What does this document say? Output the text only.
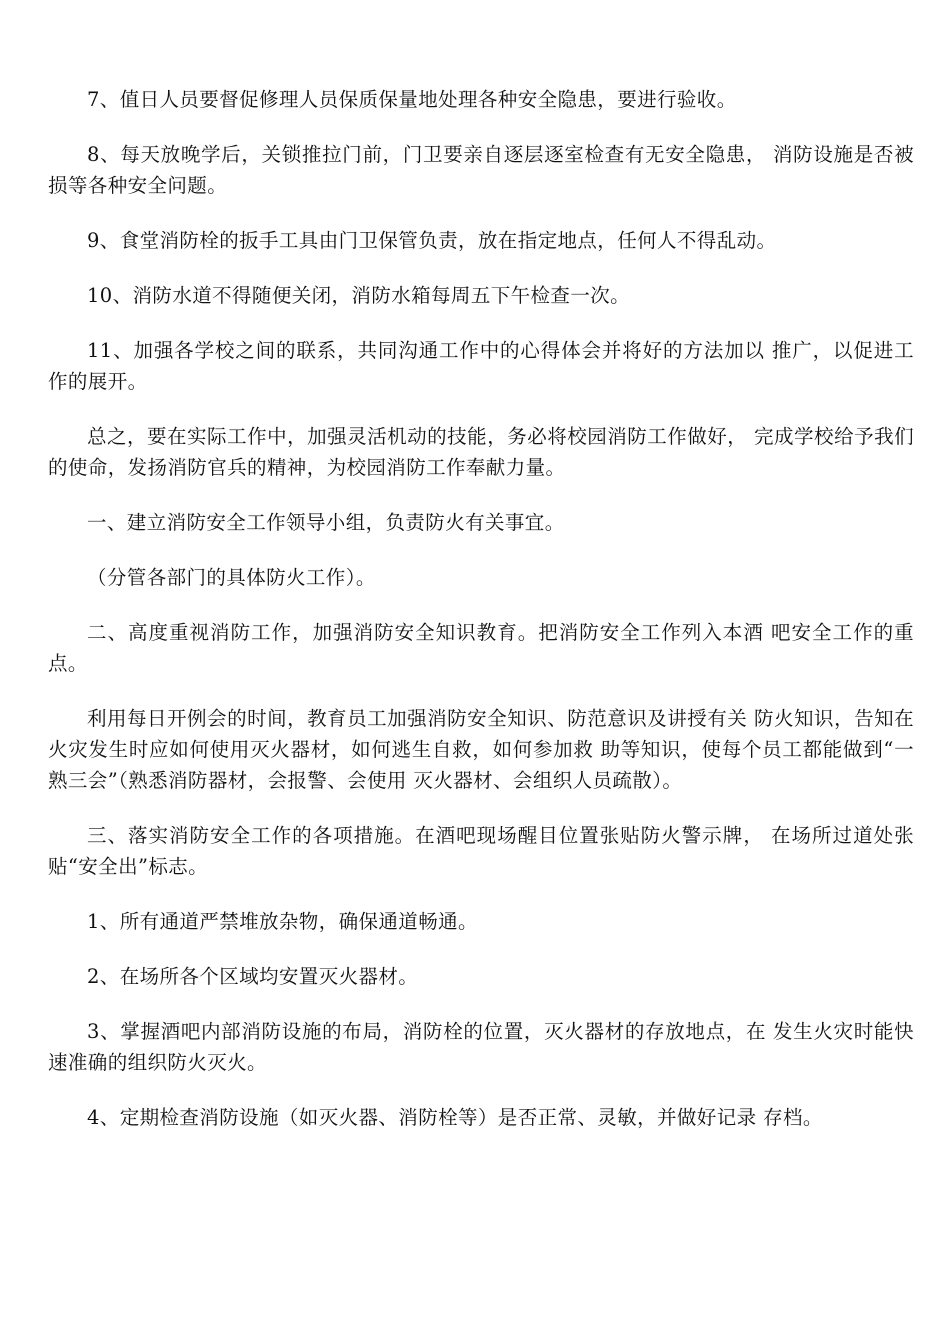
7、值日人员要督促修理人员保质保量地处理各种安全隐患，要进行验收。

8、每天放晚学后，关锁推拉门前，门卫要亲自逐层逐室检查有无安全隐患， 消防设施是否被损等各种安全问题。

9、食堂消防栓的扳手工具由门卫保管负责，放在指定地点，任何人不得乱动。

10、消防水道不得随便关闭，消防水箱每周五下午检查一次。

11、加强各学校之间的联系，共同沟通工作中的心得体会并将好的方法加以 推广，以促进工作的展开。

总之，要在实际工作中，加强灵活机动的技能，务必将校园消防工作做好， 完成学校给予我们的使命，发扬消防官兵的精神，为校园消防工作奉献力量。

一、建立消防安全工作领导小组，负责防火有关事宜。

（分管各部门的具体防火工作）。

二、高度重视消防工作，加强消防安全知识教育。把消防安全工作列入本酒 吧安全工作的重点。

利用每日开例会的时间，教育员工加强消防安全知识、防范意识及讲授有关 防火知识，告知在火灾发生时应如何使用灭火器材，如何逃生自救，如何参加救 助等知识，使每个员工都能做到“一熟三会”（熟悉消防器材，会报警、会使用 灭火器材、会组织人员疏散）。

三、落实消防安全工作的各项措施。在酒吧现场醒目位置张贴防火警示牌， 在场所过道处张贴“安全出”标志。

1、所有通道严禁堆放杂物，确保通道畅通。

2、在场所各个区域均安置灭火器材。

3、掌握酒吧内部消防设施的布局，消防栓的位置，灭火器材的存放地点，在 发生火灾时能快速准确的组织防火灭火。

4、定期检查消防设施（如灭火器、消防栓等）是否正常、灵敏，并做好记录 存档。
